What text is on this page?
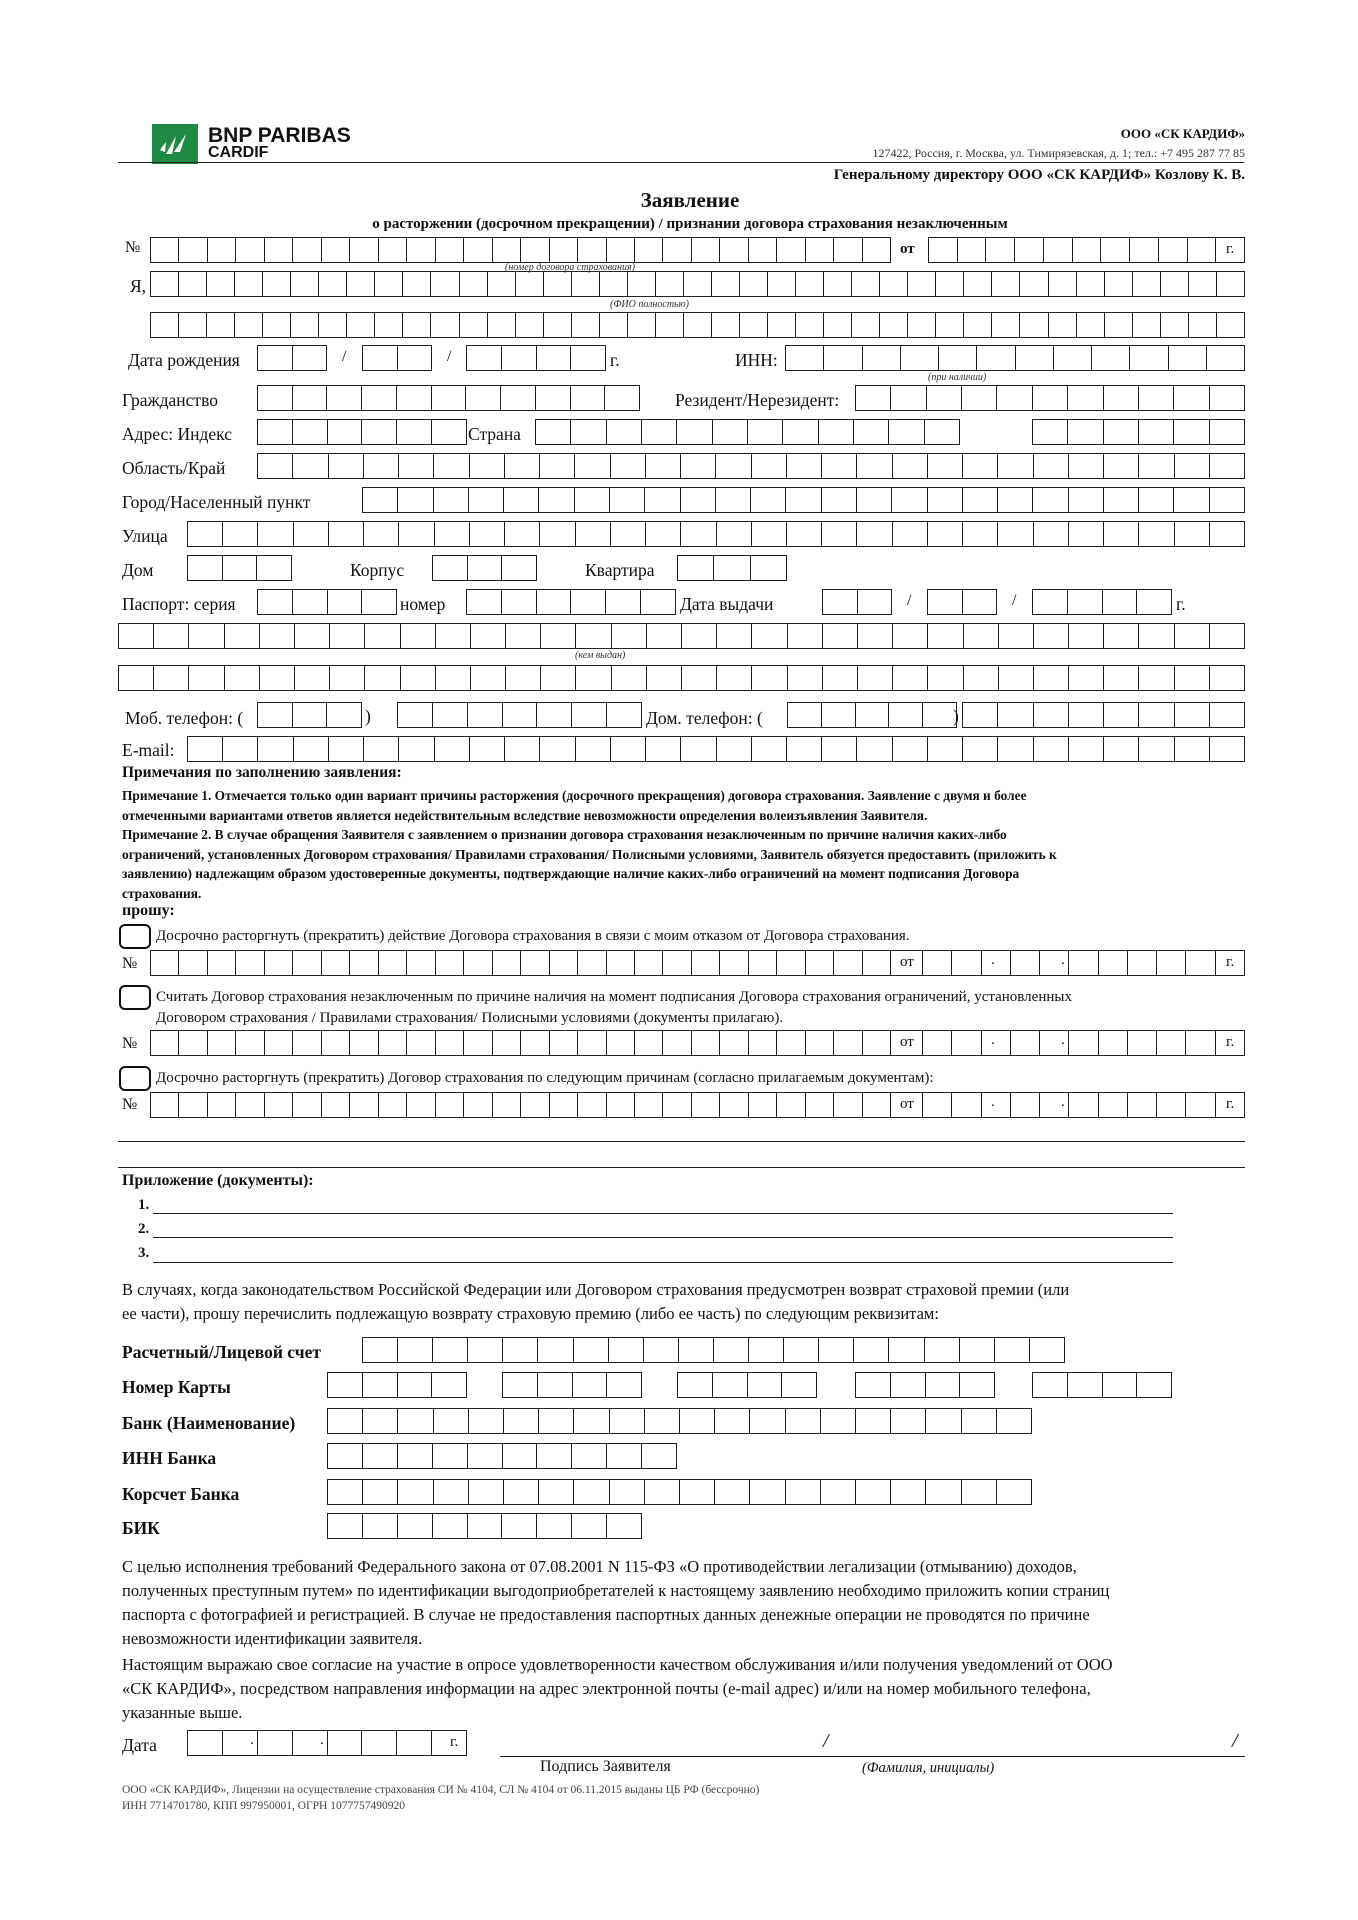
BNP PARIBAS
CARDIF
ООО «СК КАРДИФ»
127422, Россия, г. Москва, ул. Тимирязевская, д. 1; тел.: +7 495 287 77 85
Генеральному директору ООО «СК КАРДИФ» Козлову К. В.
Заявление
о расторжении (досрочном прекращении) / признании договора страхования незаключенным
№	от	г.
(номер договора страхования)
Я,
(ФИО полностью)
Дата рождения	/	/	г.	ИНН:
(при наличии)
Гражданство	Резидент/Нерезидент:
Адрес: Индекс	Страна
Область/Край
Город/Населенный пункт
Улица
Дом	Корпус	Квартира
Паспорт: серия	номер	Дата выдачи	/	/	г.
(кем выдан)
Моб. телефон: (	)	Дом. телефон: (	)
E-mail:
Примечания по заполнению заявления:
Примечание 1. Отмечается только один вариант причины расторжения (досрочного прекращения) договора страхования. Заявление с двумя и более
отмеченными вариантами ответов является недействительным вследствие невозможности определения волеизъявления Заявителя.
Примечание 2. В случае обращения Заявителя с заявлением о признании договора страхования незаключенным по причине наличия каких-либо
ограничений, установленных Договором страхования/ Правилами страхования/ Полисными условиями, Заявитель обязуется предоставить (приложить к
заявлению) надлежащим образом удостоверенные документы, подтверждающие наличие каких-либо ограничений на момент подписания Договора
страхования.
прошу:
Досрочно расторгнуть (прекратить) действие Договора страхования в связи с моим отказом от Договора страхования.
№	от	.	.	г.
Считать Договор страхования незаключенным по причине наличия на момент подписания Договора страхования ограничений, установленных
Договором страхования / Правилами страхования/ Полисными условиями (документы прилагаю).
№	от	.	.	г.
Досрочно расторгнуть (прекратить) Договор страхования по следующим причинам (согласно прилагаемым документам):
№	от	.	.	г.
Приложение (документы):
1.
2.
3.
В случаях, когда законодательством Российской Федерации или Договором страхования предусмотрен возврат страховой премии (или
ее части), прошу перечислить подлежащую возврату страховую премию (либо ее часть) по следующим реквизитам:
Расчетный/Лицевой счет
Номер Карты
Банк (Наименование)
ИНН Банка
Корсчет Банка
БИК
С целью исполнения требований Федерального закона от 07.08.2001 N 115-ФЗ «О противодействии легализации (отмыванию) доходов,
полученных преступным путем» по идентификации выгодоприобретателей к настоящему заявлению необходимо приложить копии страниц
паспорта с фотографией и регистрацией. В случае не предоставления паспортных данных денежные операции не проводятся по причине
невозможности идентификации заявителя.
Настоящим выражаю свое согласие на участие в опросе удовлетворенности качеством обслуживания и/или получения уведомлений от ООО
«СК КАРДИФ», посредством направления информации на адрес электронной почты (e-mail адрес) и/или на номер мобильного телефона,
указанные выше.
Дата	.	.	г.	/	/
Подпись Заявителя	(Фамилия, инициалы)
ООО «СК КАРДИФ», Лицензии на осуществление страхования СИ № 4104, СЛ № 4104 от 06.11.2015 выданы ЦБ РФ (бессрочно)
ИНН 7714701780, КПП 997950001, ОГРН 1077757490920
